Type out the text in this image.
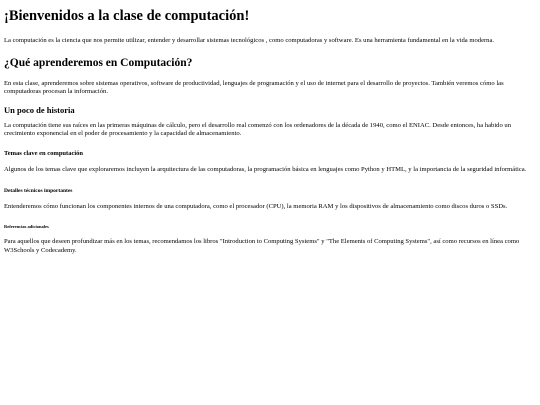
¡Bienvenidos a la clase de computación!

La computación es la ciencia que nos permite utilizar, entender y desarrollar sistemas tecnológicos , como computadoras y software. Es una herramienta fundamental en la vida moderna.

¿Qué aprenderemos en Computación?

En esta clase, aprenderemos sobre sistemas operativos, software de productividad, lenguajes de programación y el uso de internet para el desarrollo de proyectos. También veremos cómo las computadoras procesan la información.

Un poco de historia

La computación tiene sus raíces en las primeras máquinas de cálculo, pero el desarrollo real comenzó con los ordenadores de la década de 1940, como el ENIAC. Desde entonces, ha habido un crecimiento exponencial en el poder de procesamiento y la capacidad de almacenamiento.

Temas clave en computación

Algunos de los temas clave que exploraremos incluyen la arquitectura de las computadoras, la programación básica en lenguajes como Python y HTML, y la importancia de la seguridad informática.

Detalles técnicos importantes

Entenderemos cómo funcionan los componentes internos de una computadora, como el procesador (CPU), la memoria RAM y los dispositivos de almacenamiento como discos duros o SSDs.

Referencias adicionales

Para aquellos que deseen profundizar más en los temas, recomendamos los libros "Introduction to Computing Systems" y "The Elements of Computing Systems", así como recursos en línea como W3Schools y Codecademy.
